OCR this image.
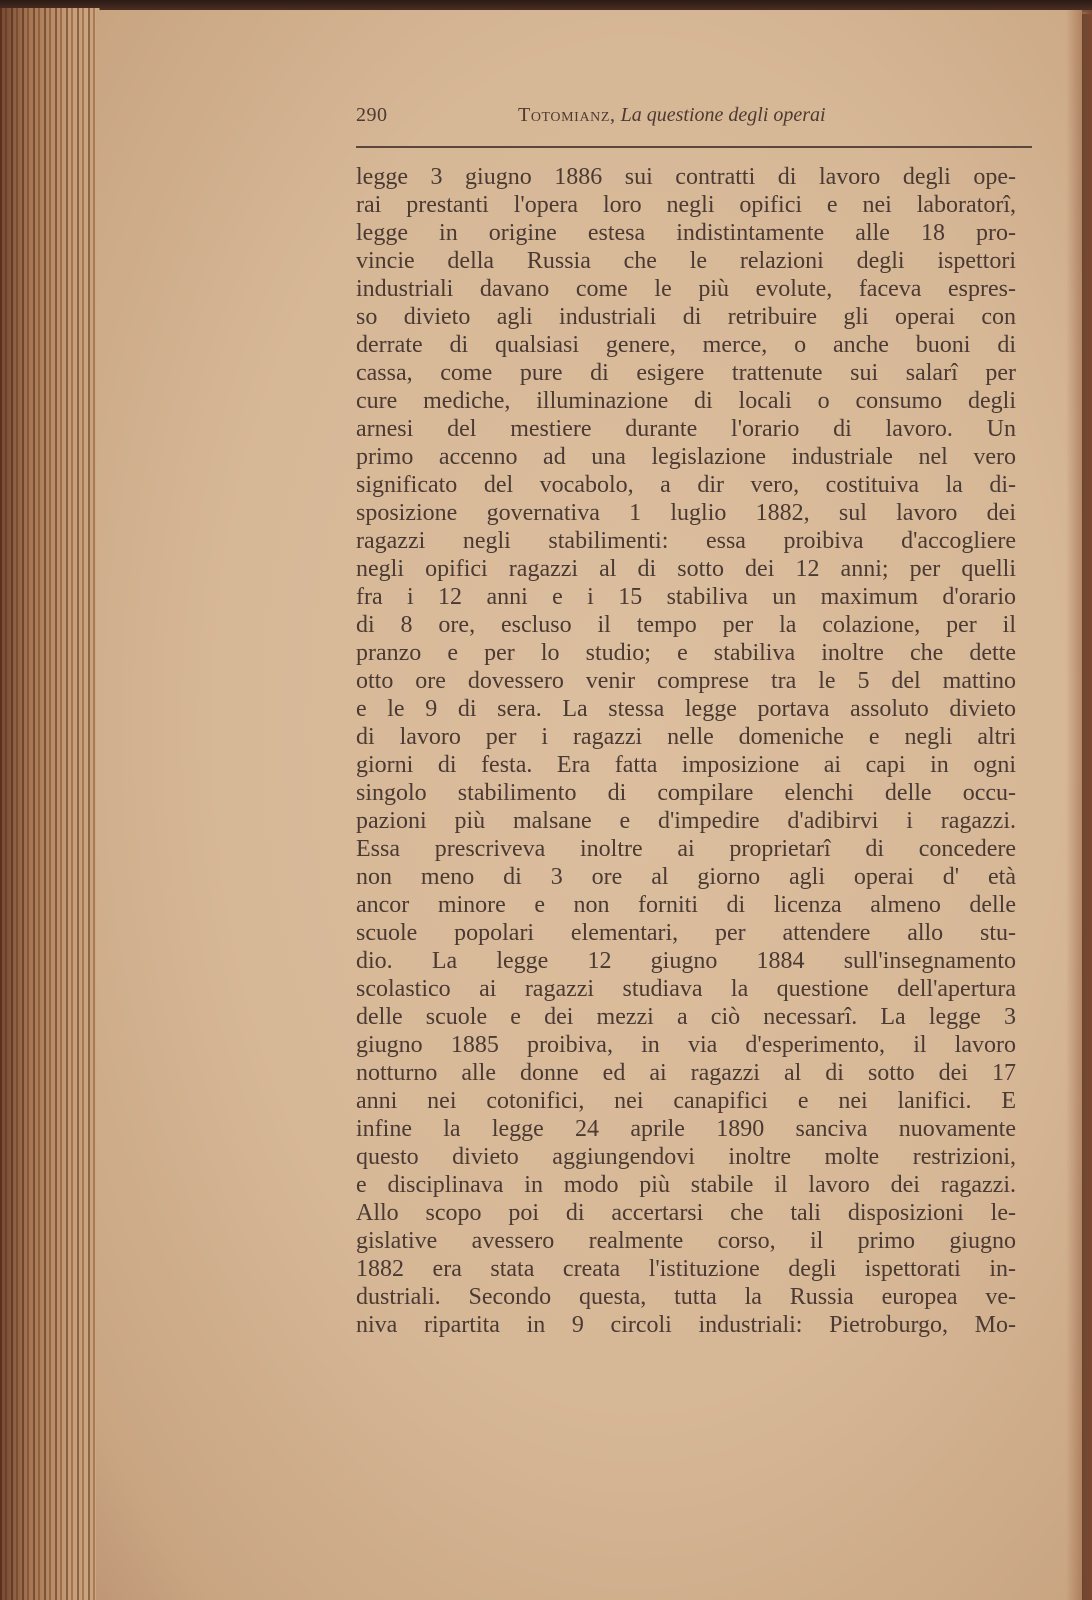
290	Totomianz, La questione degli operai
legge 3 giugno 1886 sui contratti di lavoro degli ope-
rai prestanti l'opera loro negli opifici e nei laboratorî,
legge in origine estesa indistintamente alle 18 pro-
vincie della Russia che le relazioni degli ispettori
industriali davano come le più evolute, faceva espres-
so divieto agli industriali di retribuire gli operai con
derrate di qualsiasi genere, merce, o anche buoni di
cassa, come pure di esigere trattenute sui salarî per
cure mediche, illuminazione di locali o consumo degli
arnesi del mestiere durante l'orario di lavoro. Un
primo accenno ad una legislazione industriale nel vero
significato del vocabolo, a dir vero, costituiva la di-
sposizione governativa 1 luglio 1882, sul lavoro dei
ragazzi negli stabilimenti: essa proibiva d'accogliere
negli opifici ragazzi al di sotto dei 12 anni; per quelli
fra i 12 anni e i 15 stabiliva un maximum d'orario
di 8 ore, escluso il tempo per la colazione, per il
pranzo e per lo studio; e stabiliva inoltre che dette
otto ore dovessero venir comprese tra le 5 del mattino
e le 9 di sera. La stessa legge portava assoluto divieto
di lavoro per i ragazzi nelle domeniche e negli altri
giorni di festa. Era fatta imposizione ai capi in ogni
singolo stabilimento di compilare elenchi delle occu-
pazioni più malsane e d'impedire d'adibirvi i ragazzi.
Essa prescriveva inoltre ai proprietarî di concedere
non meno di 3 ore al giorno agli operai d' età
ancor minore e non forniti di licenza almeno delle
scuole popolari elementari, per attendere allo stu-
dio. La legge 12 giugno 1884 sull'insegnamento
scolastico ai ragazzi studiava la questione dell'apertura
delle scuole e dei mezzi a ciò necessarî. La legge 3
giugno 1885 proibiva, in via d'esperimento, il lavoro
notturno alle donne ed ai ragazzi al di sotto dei 17
anni nei cotonifici, nei canapifici e nei lanifici. E
infine la legge 24 aprile 1890 sanciva nuovamente
questo divieto aggiungendovi inoltre molte restrizioni,
e disciplinava in modo più stabile il lavoro dei ragazzi.
Allo scopo poi di accertarsi che tali disposizioni le-
gislative avessero realmente corso, il primo giugno
1882 era stata creata l'istituzione degli ispettorati in-
dustriali. Secondo questa, tutta la Russia europea ve-
niva ripartita in 9 circoli industriali: Pietroburgo, Mo-
